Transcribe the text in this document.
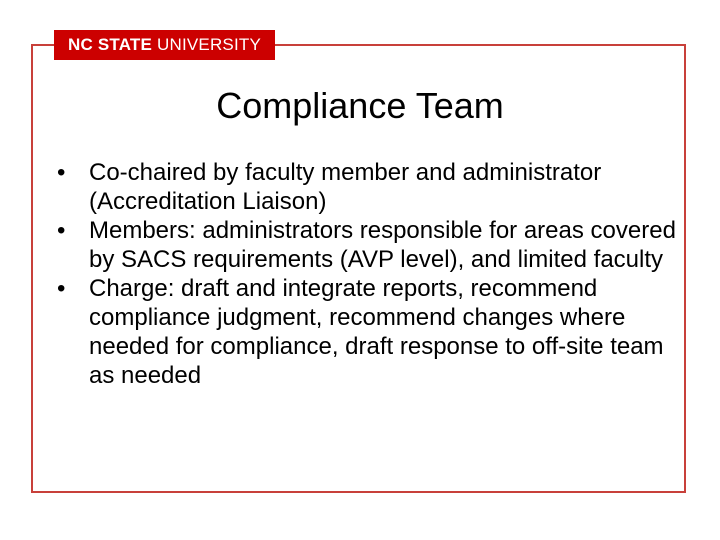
NC STATE UNIVERSITY
Compliance Team
• Co-chaired by faculty member and administrator (Accreditation Liaison)
• Members: administrators responsible for areas covered by SACS requirements (AVP level), and limited faculty
• Charge: draft and integrate reports, recommend compliance judgment, recommend changes where needed for compliance, draft response to off-site team as needed
